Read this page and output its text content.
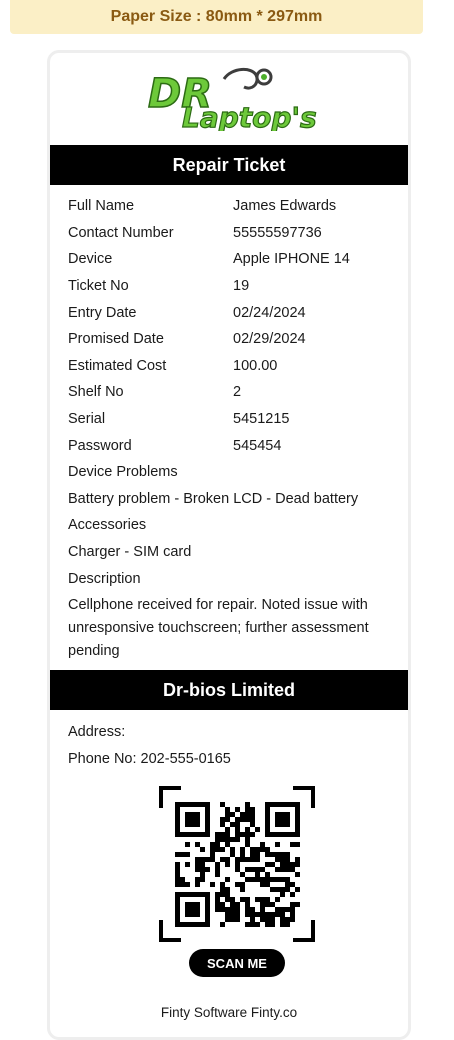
Paper Size : 80mm * 297mm
DR
Laptop's
Repair Ticket
Full Name	James Edwards
Contact Number	55555597736
Device	Apple IPHONE 14
Ticket No	19
Entry Date	02/24/2024
Promised Date	02/29/2024
Estimated Cost	100.00
Shelf No	2
Serial	5451215
Password	545454
Device Problems
Battery problem - Broken LCD - Dead battery
Accessories
Charger - SIM card
Description
Cellphone received for repair. Noted issue with unresponsive touchscreen; further assessment pending
Dr-bios Limited
Address:
Phone No: 202-555-0165
SCAN ME
Finty Software Finty.co
